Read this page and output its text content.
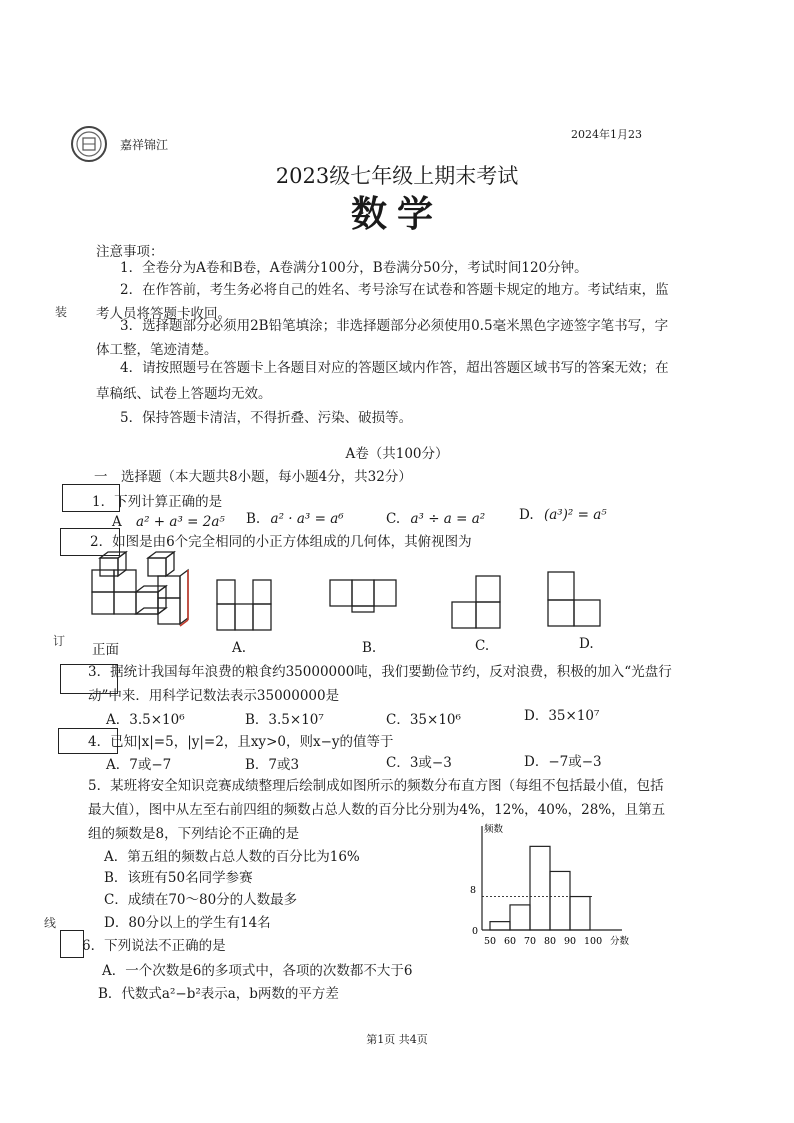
嘉祥锦江
2024年1月23
2023级七年级上期末考试
数学
装
订
线
注意事项：
1．全卷分为A卷和B卷，A卷满分100分，B卷满分50分，考试时间120分钟。
2．在作答前，考生务必将自己的姓名、考号涂写在试卷和答题卡规定的地方。考试结束，监
考人员将答题卡收回。
3．选择题部分必须用2B铅笔填涂；非选择题部分必须使用0.5毫米黑色字迹签字笔书写，字
体工整，笔迹清楚。
4．请按照题号在答题卡上各题目对应的答题区域内作答，超出答题区域书写的答案无效；在
草稿纸、试卷上答题均无效。
5．保持答题卡清洁，不得折叠、污染、破损等。
A卷（共100分）
一　选择题（本大题共8小题，每小题4分，共32分）
1．下列计算正确的是
A a² + a³ = 2a⁵ B. a² · a³ = a⁶	C. a³ ÷ a = a²	D. (a³)² = a⁵
2．如图是由6个完全相同的小正方体组成的几何体，其俯视图为
正面	A.	B.	C.	D.
3．据统计我国每年浪费的粮食约35000000吨，我们要勤俭节约，反对浪费，积极的加入“光盘行
动”中来．用科学记数法表示35000000是
A．3.5×10⁶	B．3.5×10⁷	C．35×10⁶	D．35×10⁷
4．已知|x|=5，|y|=2，且xy>0，则x−y的值等于
A．7或−7	B．7或3	C．3或−3	D．−7或−3
5．某班将安全知识竞赛成绩整理后绘制成如图所示的频数分布直方图（每组不包括最小值，包括
最大值），图中从左至右前四组的频数占总人数的百分比分别为4%，12%，40%，28%，且第五
组的频数是8，下列结论不正确的是
A．第五组的频数占总人数的百分比为16%
B．该班有50名同学参赛
C．成绩在70～80分的人数最多
D．80分以上的学生有14名
频数
分数
0
8
50 60 70 80 90 100
6．下列说法不正确的是
A．一个次数是6的多项式中，各项的次数都不大于6
B．代数式a²−b²表示a，b两数的平方差
第1页 共4页
